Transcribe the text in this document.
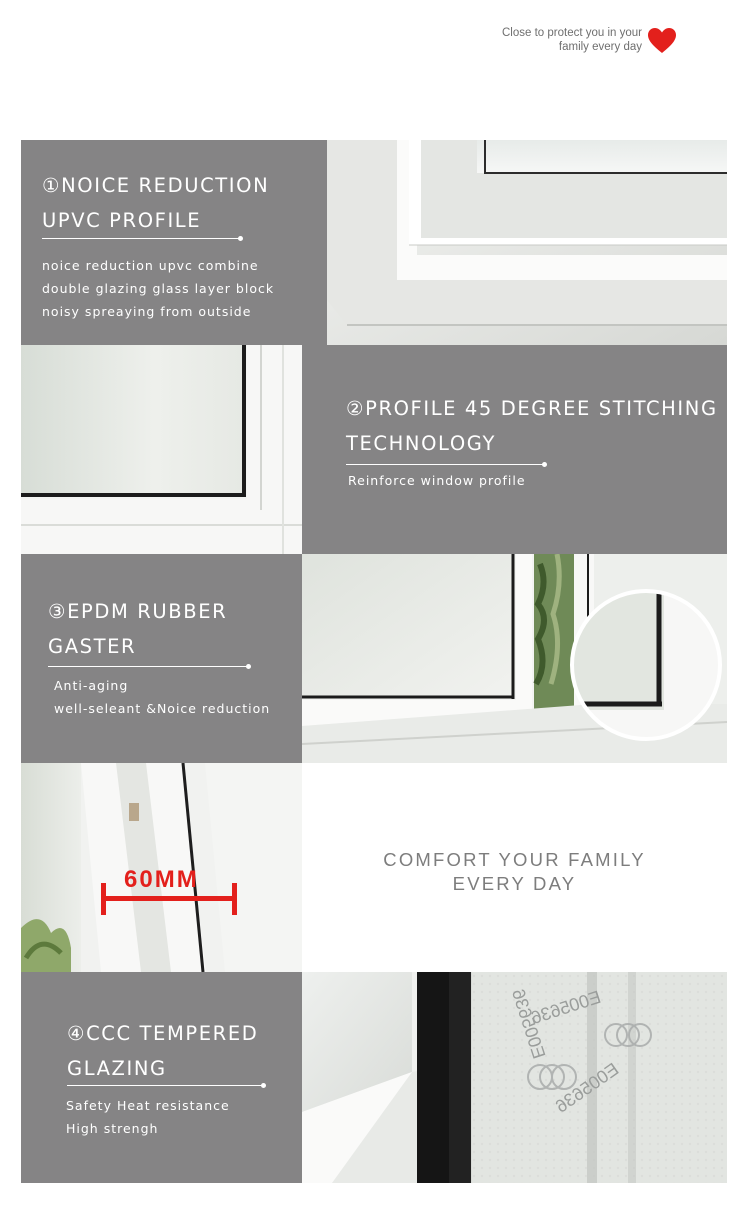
Close to protect you in your
family every day
①NOICE REDUCTION
UPVC PROFILE
noice reduction upvc combine
double glazing glass layer block
noisy spreaying from outside
②PROFILE 45 DEGREE STITCHING
TECHNOLOGY
Reinforce window profile
③EPDM RUBBER
GASTER
Anti-aging
well-seleant &Noice reduction
60MM
COMFORT YOUR FAMILY
EVERY DAY
④CCC TEMPERED
GLAZING
Safety Heat resistance
High strengh
E005636
E005636
E005636
